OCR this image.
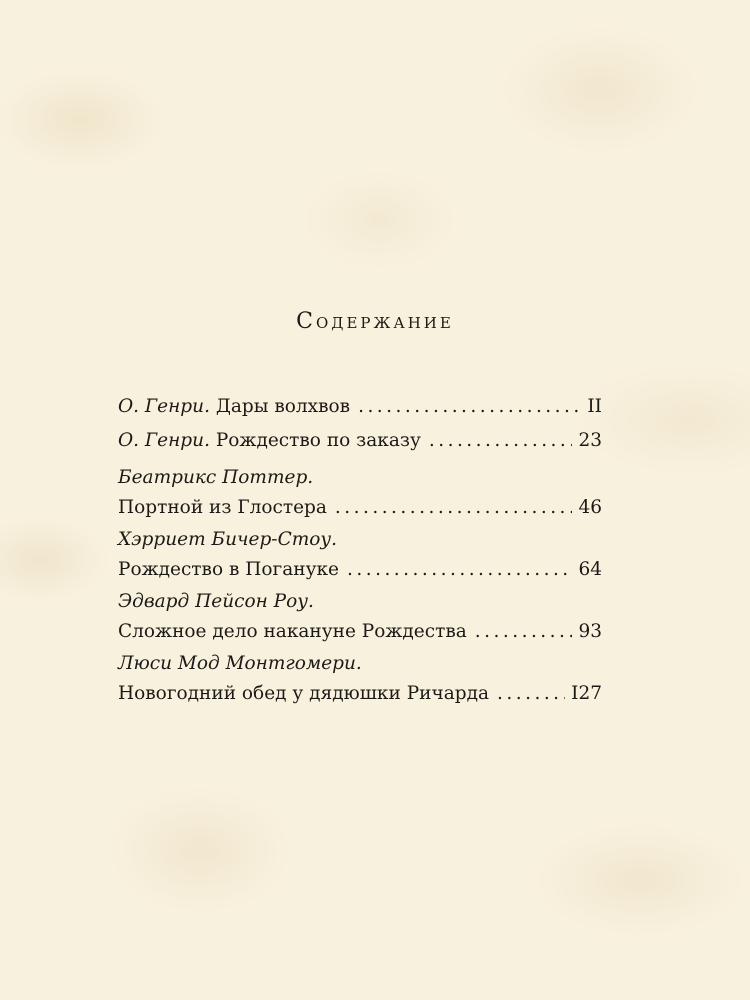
Содержание
О. Генри.
Дары волхвов . . .	II
О. Генри.
Рождество по заказу . . .	23
Беатрикс Поттер.
Портной из Глостера . . .	46
Хэрриет Бичер-Стоу.
Рождество в Поганукe . . .	64
Эдвард Пейсон Роу.
Сложное дело накануне Рождества . . .	93
Люси Мод Монтгомери.
Новогодний обед у дядюшки Ричарда . . .	I27
